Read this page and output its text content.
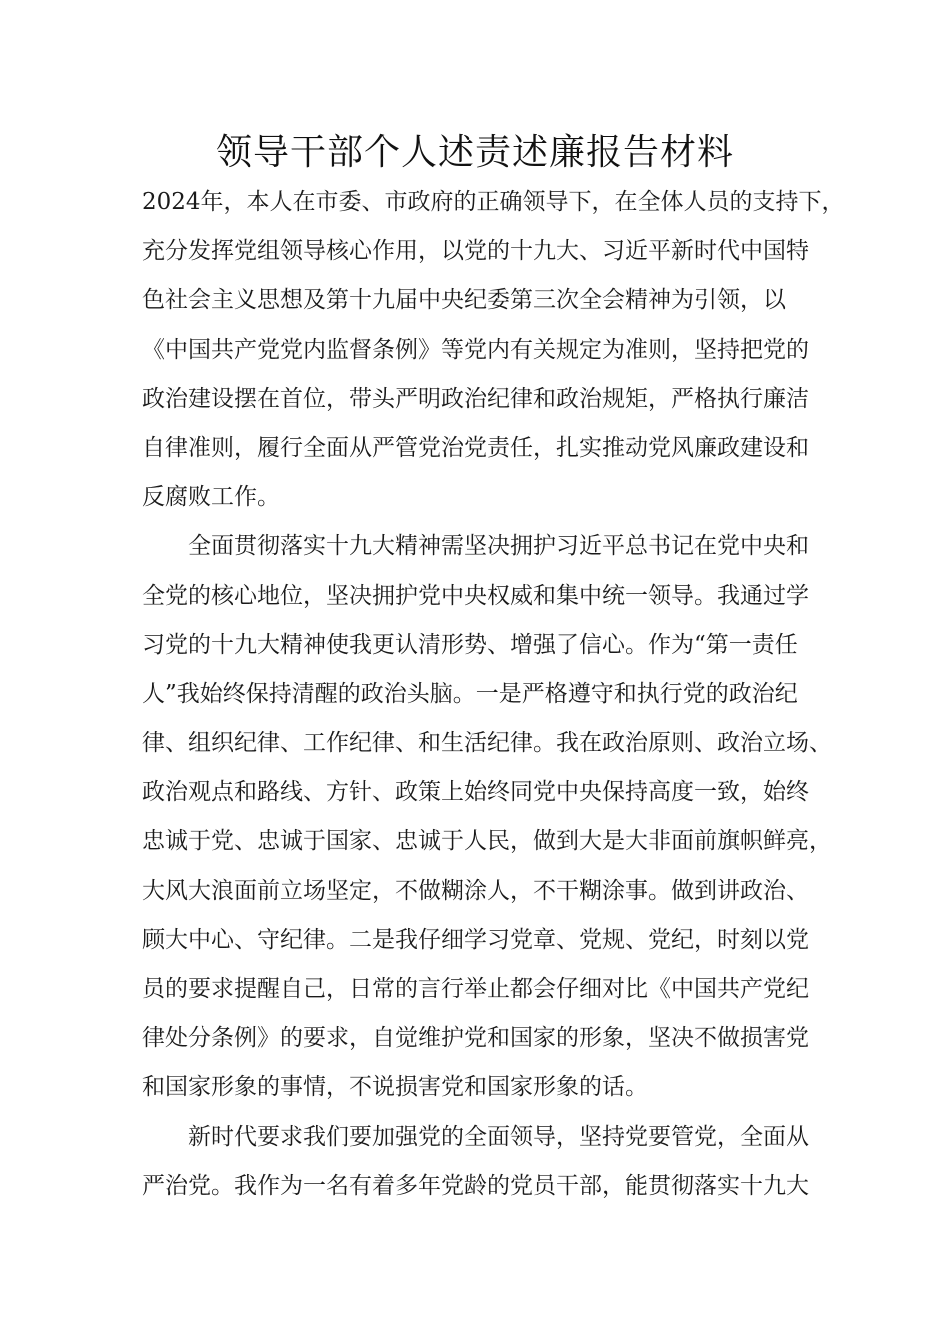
领导干部个人述责述廉报告材料
2024年，本人在市委、市政府的正确领导下，在全体人员的支持下，
充分发挥党组领导核心作用，以党的十九大、习近平新时代中国特
色社会主义思想及第十九届中央纪委第三次全会精神为引领，以
《中国共产党党内监督条例》等党内有关规定为准则，坚持把党的
政治建设摆在首位，带头严明政治纪律和政治规矩，严格执行廉洁
自律准则，履行全面从严管党治党责任，扎实推动党风廉政建设和
反腐败工作。
　　全面贯彻落实十九大精神需坚决拥护习近平总书记在党中央和
全党的核心地位，坚决拥护党中央权威和集中统一领导。我通过学
习党的十九大精神使我更认清形势、增强了信心。作为“第一责任
人”我始终保持清醒的政治头脑。一是严格遵守和执行党的政治纪
律、组织纪律、工作纪律、和生活纪律。我在政治原则、政治立场、
政治观点和路线、方针、政策上始终同党中央保持高度一致，始终
忠诚于党、忠诚于国家、忠诚于人民，做到大是大非面前旗帜鲜亮，
大风大浪面前立场坚定，不做糊涂人，不干糊涂事。做到讲政治、
顾大中心、守纪律。二是我仔细学习党章、党规、党纪，时刻以党
员的要求提醒自己，日常的言行举止都会仔细对比《中国共产党纪
律处分条例》的要求，自觉维护党和国家的形象，坚决不做损害党
和国家形象的事情，不说损害党和国家形象的话。
　　新时代要求我们要加强党的全面领导，坚持党要管党，全面从
严治党。我作为一名有着多年党龄的党员干部，能贯彻落实十九大
